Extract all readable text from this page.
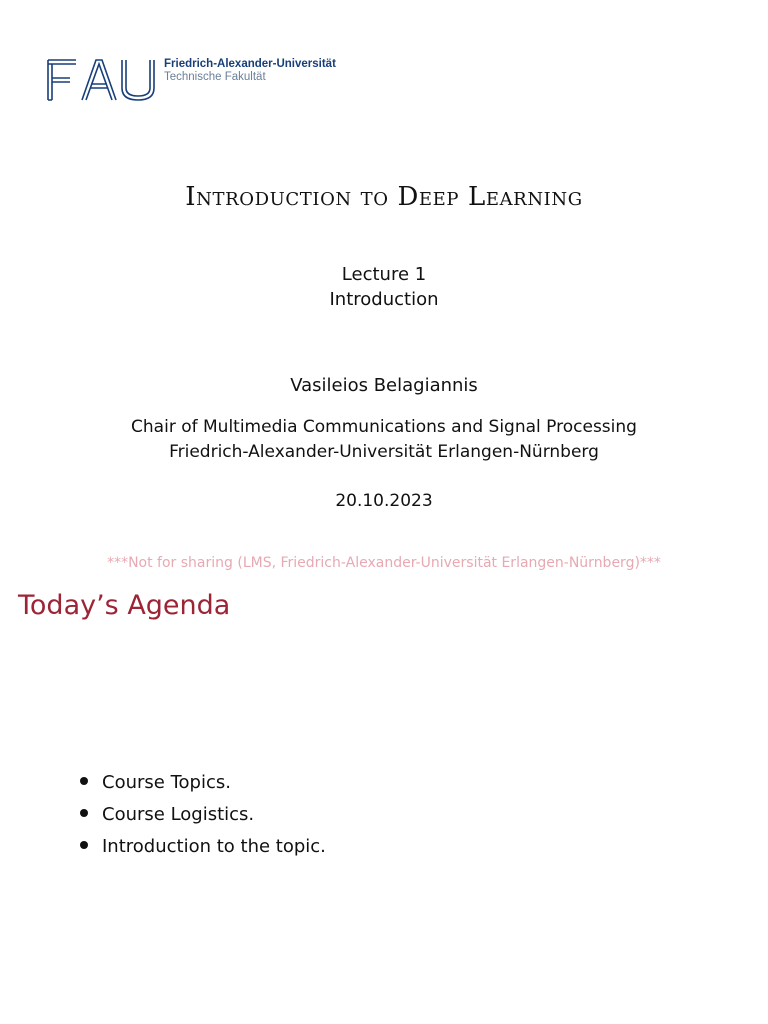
Friedrich-Alexander-Universität
Technische Fakultät
Introduction to Deep Learning
Lecture 1
Introduction
Vasileios Belagiannis
Chair of Multimedia Communications and Signal Processing
Friedrich-Alexander-Universität Erlangen-Nürnberg
20.10.2023
***Not for sharing (LMS, Friedrich-Alexander-Universität Erlangen-Nürnberg)***
Today’s Agenda
Course Topics.
Course Logistics.
Introduction to the topic.
